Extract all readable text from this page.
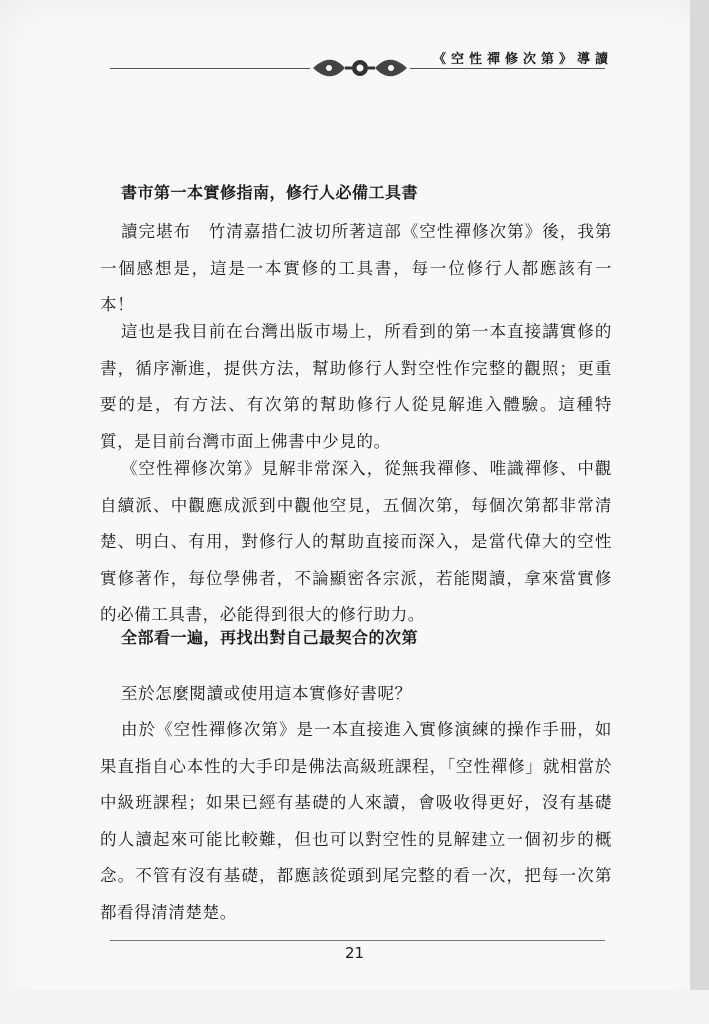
《空性禪修次第》導讀
書市第一本實修指南，修行人必備工具書
讀完堪布　竹清嘉措仁波切所著這部《空性禪修次第》後，我第一個感想是，這是一本實修的工具書，每一位修行人都應該有一本！
這也是我目前在台灣出版市場上，所看到的第一本直接講實修的書，循序漸進，提供方法，幫助修行人對空性作完整的觀照；更重要的是，有方法、有次第的幫助修行人從見解進入體驗。這種特質，是目前台灣市面上佛書中少見的。
《空性禪修次第》見解非常深入，從無我禪修、唯識禪修、中觀自續派、中觀應成派到中觀他空見，五個次第，每個次第都非常清楚、明白、有用，對修行人的幫助直接而深入，是當代偉大的空性實修著作，每位學佛者，不論顯密各宗派，若能閱讀，拿來當實修的必備工具書，必能得到很大的修行助力。
全部看一遍，再找出對自己最契合的次第
至於怎麼閱讀或使用這本實修好書呢？
由於《空性禪修次第》是一本直接進入實修演練的操作手冊，如果直指自心本性的大手印是佛法高級班課程，「空性禪修」就相當於中級班課程；如果已經有基礎的人來讀，會吸收得更好，沒有基礎的人讀起來可能比較難，但也可以對空性的見解建立一個初步的概念。不管有沒有基礎，都應該從頭到尾完整的看一次，把每一次第都看得清清楚楚。
21
